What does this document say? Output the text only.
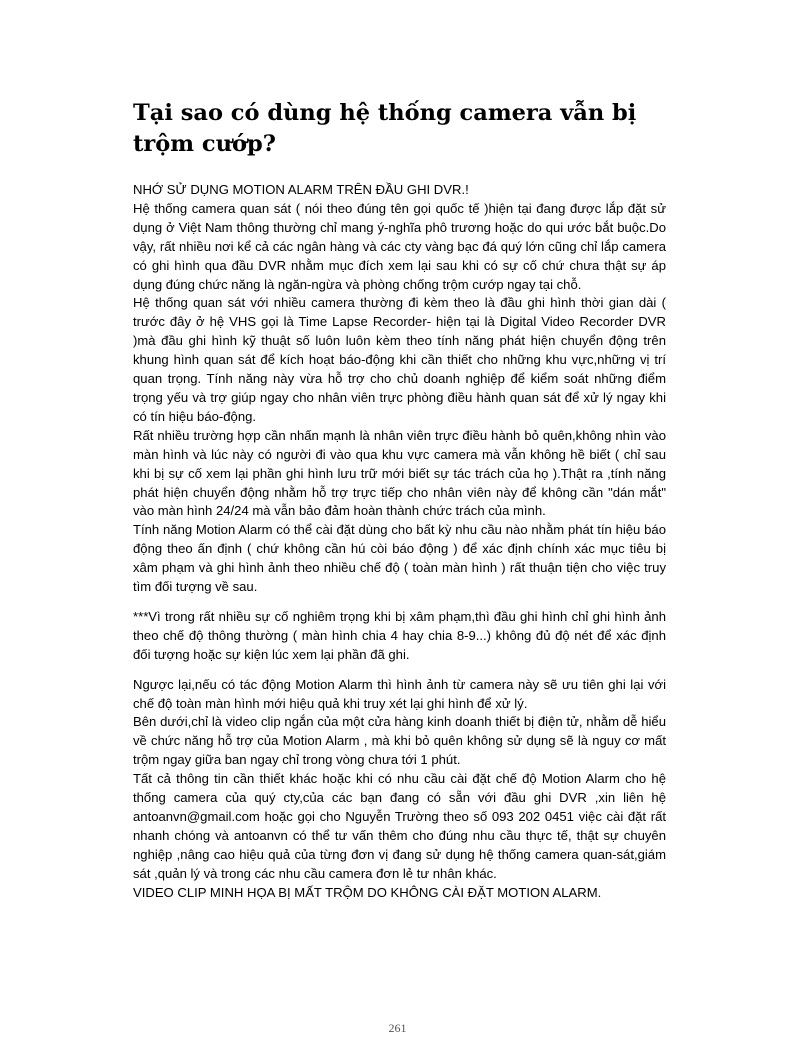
Tại sao có dùng hệ thống camera vẫn bị trộm cướp?

NHỚ SỬ DỤNG MOTION ALARM TRÊN ĐẦU GHI DVR.!

Hệ thống camera quan sát ( nói theo đúng tên gọi quốc tế )hiện tại đang được lắp đặt sử dụng ở Việt Nam thông thường chỉ mang ý-nghĩa phô trương hoặc do qui ước bắt buộc.Do vậy, rất nhiều nơi kể cả các ngân hàng và các cty vàng bạc đá quý lớn cũng chỉ lắp camera có ghi hình qua đầu DVR nhằm mục đích xem lại sau khi có sự cố chứ chưa thật sự áp dụng đúng chức năng là ngăn-ngừa và phòng chống trộm cướp ngay tại chỗ.

Hệ thống quan sát với nhiều camera thường đi kèm theo là đầu ghi hình thời gian dài ( trước đây ở hệ VHS gọi là Time Lapse Recorder- hiện tại là Digital Video Recorder DVR )mà đầu ghi hình kỹ thuật số luôn luôn kèm theo tính năng phát hiện chuyển động trên khung hình quan sát để kích hoạt báo-động khi cần thiết cho những khu vực,những vị trí quan trọng. Tính năng này vừa hỗ trợ cho chủ doanh nghiệp để kiểm soát những điểm trọng yếu và trợ giúp ngay cho nhân viên trực phòng điều hành quan sát để xử lý ngay khi có tín hiệu báo-động.

Rất nhiều trường hợp cần nhấn mạnh là nhân viên trực điều hành bỏ quên,không nhìn vào màn hình và lúc này có người đi vào qua khu vực camera mà vẫn không hề biết ( chỉ sau khi bị sự cố xem lại phần ghi hình lưu trữ mới biết sự tác trách của họ ).Thật ra ,tính năng phát hiện chuyển động nhằm hỗ trợ trực tiếp cho nhân viên này để không cần "dán mắt" vào màn hình 24/24 mà vẫn bảo đảm hoàn thành chức trách của mình.

Tính năng Motion Alarm có thể cài đặt dùng cho bất kỳ nhu cầu nào nhằm phát tín hiệu báo động theo ấn định ( chứ không cần hú còi báo động ) để xác định chính xác mục tiêu bị xâm phạm và ghi hình ảnh theo nhiều chế độ ( toàn màn hình ) rất thuận tiện cho việc truy tìm đối tượng về sau.

***Vì trong rất nhiều sự cố nghiêm trọng khi bị xâm phạm,thì đầu ghi hình chỉ ghi hình ảnh theo chế độ thông thường ( màn hình chia 4 hay chia 8-9...) không đủ độ nét để xác định đối tượng hoặc sự kiện lúc xem lại phần đã ghi.

Ngược lại,nếu có tác động Motion Alarm thì hình ảnh từ camera này sẽ ưu tiên ghi lại với chế độ toàn màn hình mới hiệu quả khi truy xét lại ghi hình để xử lý.

Bên dưới,chỉ là video clip ngắn của một cửa hàng kinh doanh thiết bị điện tử, nhằm dễ hiểu về chức năng hỗ trợ của Motion Alarm , mà khi bỏ quên không sử dụng sẽ là nguy cơ mất trộm ngay giữa ban ngay chỉ trong vòng chưa tới 1 phút.

Tất cả thông tin cần thiết khác hoặc khi có nhu cầu cài đặt chế độ Motion Alarm cho hệ thống camera của quý cty,của các bạn đang có sẵn với đầu ghi DVR ,xin liên hệ antoanvn@gmail.com hoặc gọi cho Nguyễn Trường theo số 093 202 0451 việc cài đặt rất nhanh chóng và antoanvn có thể tư vấn thêm cho đúng nhu cầu thực tế, thật sự chuyên nghiệp ,nâng cao hiệu quả của từng đơn vị đang sử dụng hệ thống camera quan-sát,giám sát ,quản lý và trong các nhu cầu camera đơn lẻ tư nhân khác.

VIDEO CLIP MINH HỌA BỊ MẤT TRỘM DO KHÔNG CÀI ĐẶT MOTION ALARM.

261
